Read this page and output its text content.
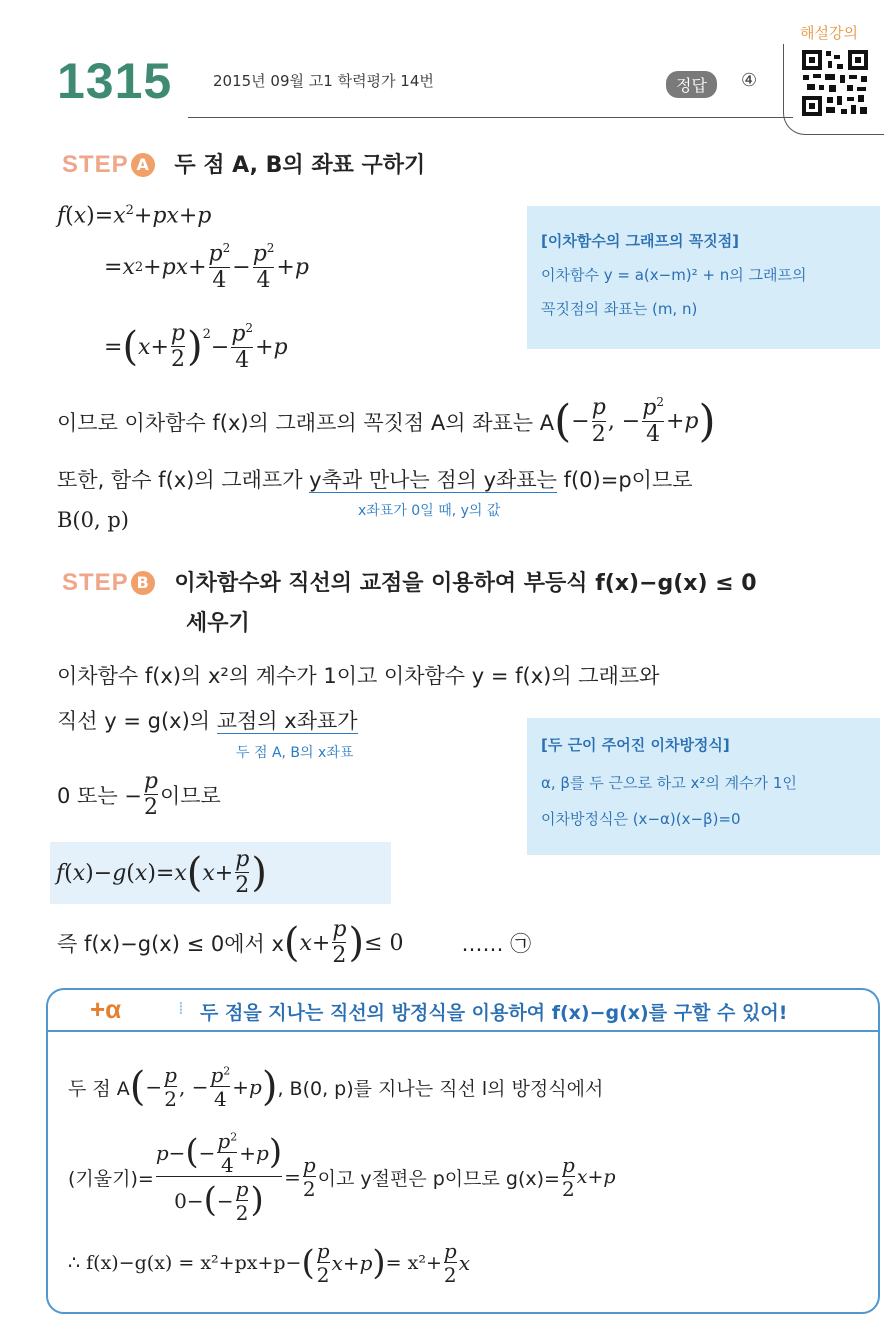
1315	2015년 09월 고1 학력평가 14번	정답	④
해설강의
STEP A 두 점 A, B의 좌표 구하기
$f(x)=x^2+px+p$
= x 2 + px + $\frac{p^2}{4} - \frac{p^2}{4} + p$
= ( $x + \frac{p}{2} )^2$
− $\frac{p^2}{4} + p$
[이차함수의 그래프의 꼭짓점]
이차함수 y = a(x−m)² + n의 그래프의
꼭짓점의 좌표는 (m, n)
이므로 이차함수 f(x)의 그래프의 꼭짓점 A의 좌표는 A ( − $\frac{p}{2}$ , − $\frac{p^2}{4} + p$ )
또한, 함수 f(x)의 그래프가 y축과 만나는 점의 y좌표는 f(0)=p이므로
x좌표가 0일 때, y의 값
B(0, p)
STEP B 이차함수와 직선의 교점을 이용하여 부등식 f(x)−g(x) ≤ 0
세우기
이차함수 f(x)의 x²의 계수가 1이고 이차함수 y = f(x)의 그래프와
직선 y = g(x)의 교점의 x좌표가
두 점 A, B의 x좌표
0 또는 − $\frac{p}{2}$ 이므로
[두 근이 주어진 이차방정식]
α, β를 두 근으로 하고 x²의 계수가 1인
이차방정식은 (x−α)(x−β)=0
f ( x )− g ( x )= x ( $x + \frac{p}{2}$ )
즉 f(x)−g(x) ≤ 0에서 x ( $x + \frac{p}{2}$ ) ≤ 0	…… ㉠
+α	⁞ 두 점을 지나는 직선의 방정식을 이용하여 f(x)−g(x)를 구할 수 있어!
두 점 A ( − $\frac{p}{2}$ , − $\frac{p^2}{4} + p$ ) , B(0, p)를 지나는 직선 l의 방정식에서
(기울기)= $\frac{p - ( - \frac{p^2}{4} + p )}{0- ( - \frac{p}{2} )} = \frac{p}{2}$ 이고 y절편은 p이므로 $g(x)= \frac{p}{2} x+p$
∴ f(x)−g(x) = x²+px+p− ( $\frac{p}{2}$ x + p ) = $x^2+ \frac{p}{2}$ x
